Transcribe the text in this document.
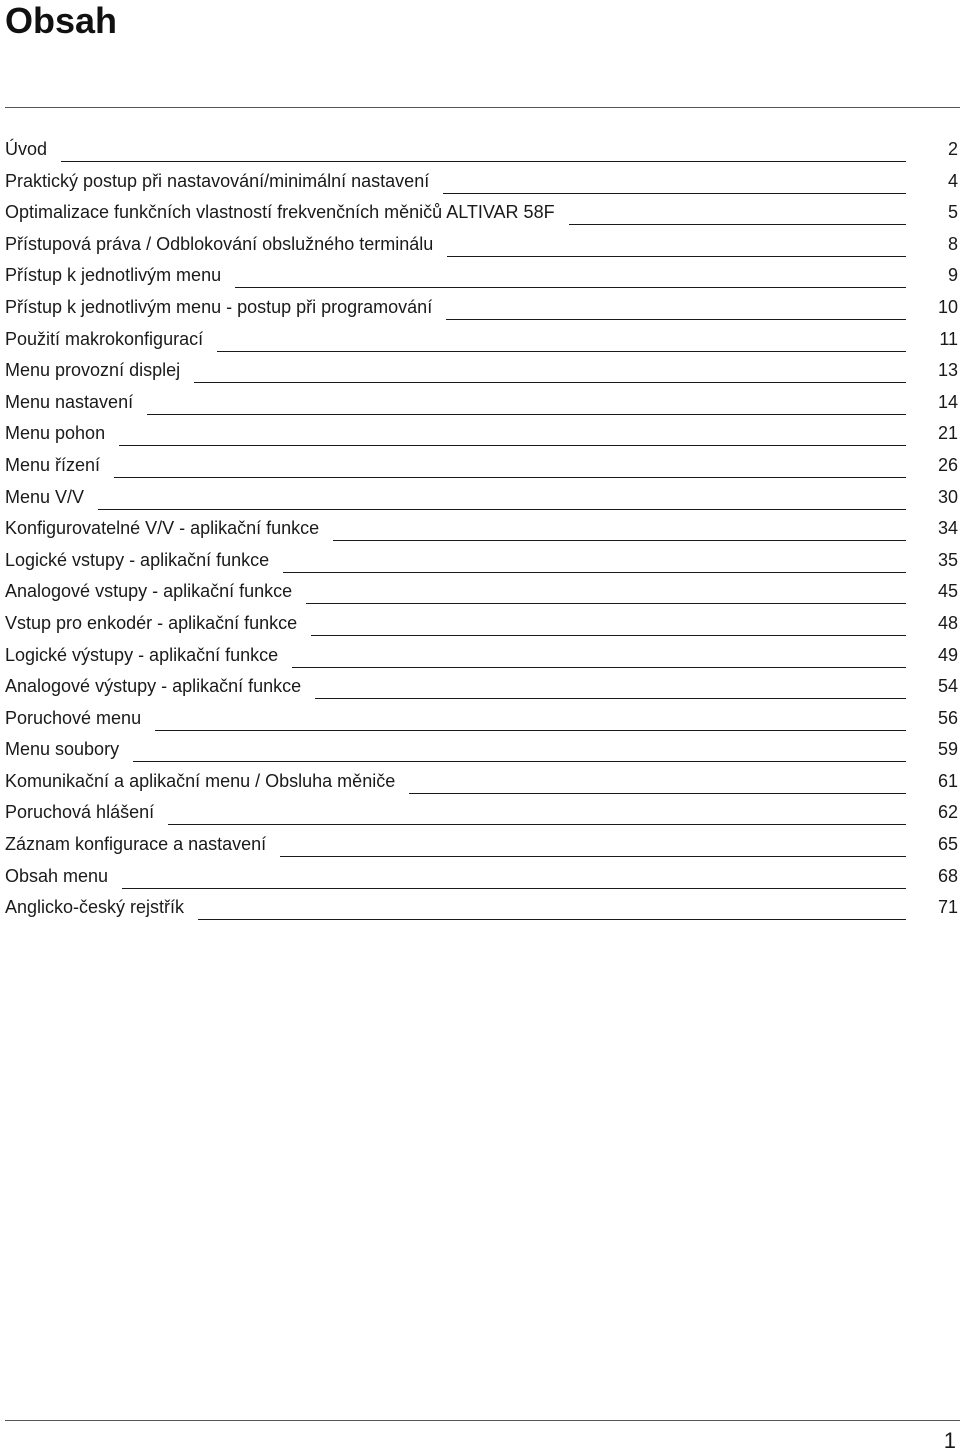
Obsah
Úvod	2
Praktický postup při nastavování/minimální nastavení	4
Optimalizace funkčních vlastností frekvenčních měničů ALTIVAR 58F	5
Přístupová práva / Odblokování obslužného terminálu	8
Přístup k jednotlivým menu	9
Přístup k jednotlivým menu - postup při programování	10
Použití makrokonfigurací	11
Menu provozní displej	13
Menu nastavení	14
Menu pohon	21
Menu řízení	26
Menu V/V	30
Konfigurovatelné V/V - aplikační funkce	34
Logické vstupy - aplikační funkce	35
Analogové vstupy - aplikační funkce	45
Vstup pro enkodér - aplikační funkce	48
Logické výstupy - aplikační funkce	49
Analogové výstupy - aplikační funkce	54
Poruchové menu	56
Menu soubory	59
Komunikační a aplikační menu / Obsluha měniče	61
Poruchová hlášení	62
Záznam konfigurace a nastavení	65
Obsah menu	68
Anglicko-český rejstřík	71
1
